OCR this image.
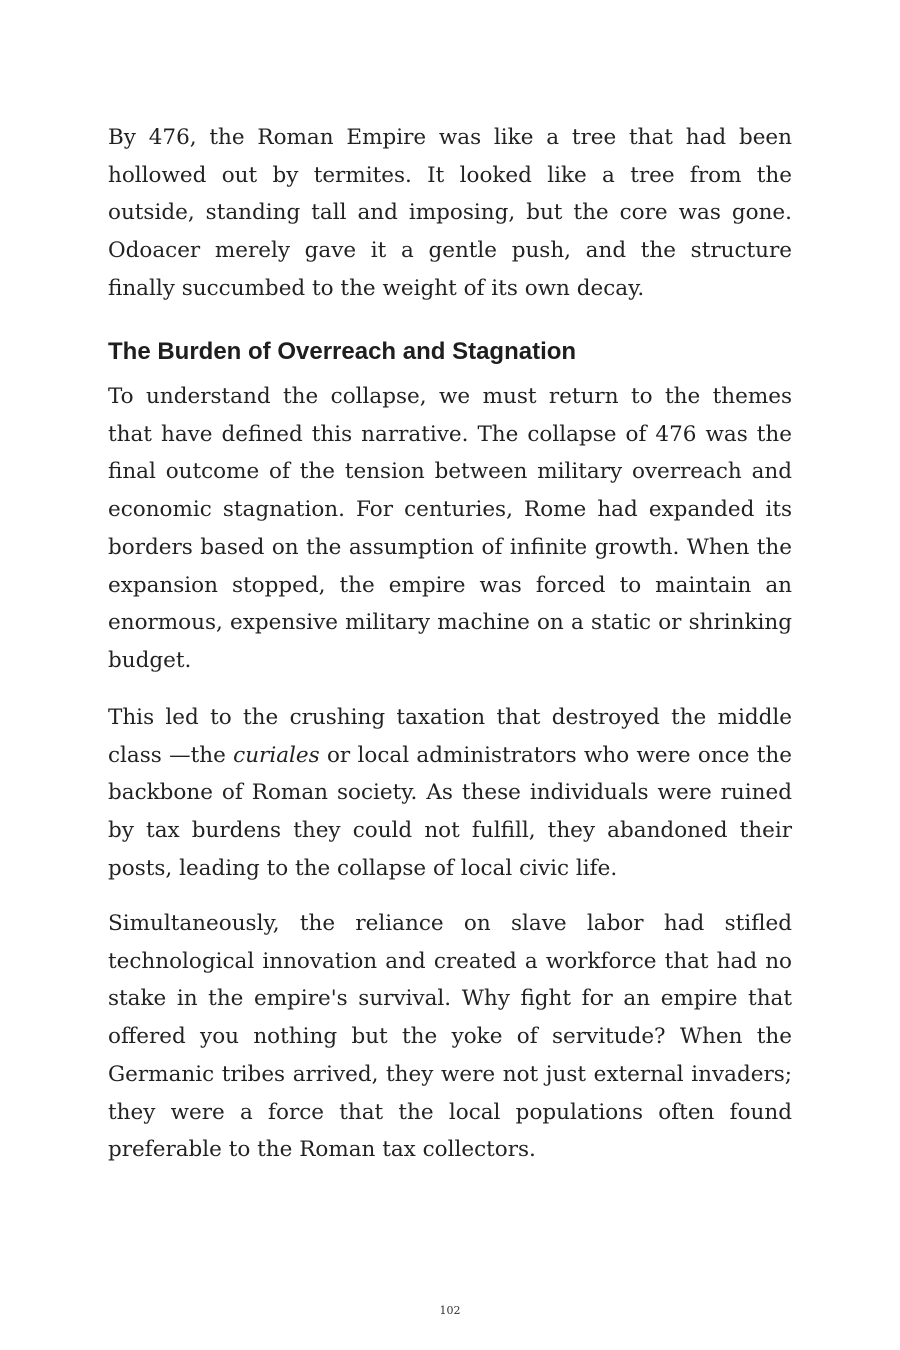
By 476, the Roman Empire was like a tree that had been hollowed out by termites. It looked like a tree from the outside, standing tall and imposing, but the core was gone. Odoacer merely gave it a gentle push, and the structure finally succumbed to the weight of its own decay.

The Burden of Overreach and Stagnation

To understand the collapse, we must return to the themes that have defined this narrative. The collapse of 476 was the final outcome of the tension between military overreach and economic stagnation. For centuries, Rome had expanded its borders based on the assumption of infinite growth. When the expansion stopped, the empire was forced to maintain an enormous, expensive military machine on a static or shrinking budget.

This led to the crushing taxation that destroyed the middle class —the curiales or local administrators who were once the backbone of Roman society. As these individuals were ruined by tax burdens they could not fulfill, they abandoned their posts, leading to the collapse of local civic life.

Simultaneously, the reliance on slave labor had stifled technological innovation and created a workforce that had no stake in the empire's survival. Why fight for an empire that offered you nothing but the yoke of servitude? When the Germanic tribes arrived, they were not just external invaders; they were a force that the local populations often found preferable to the Roman tax collectors.

102
